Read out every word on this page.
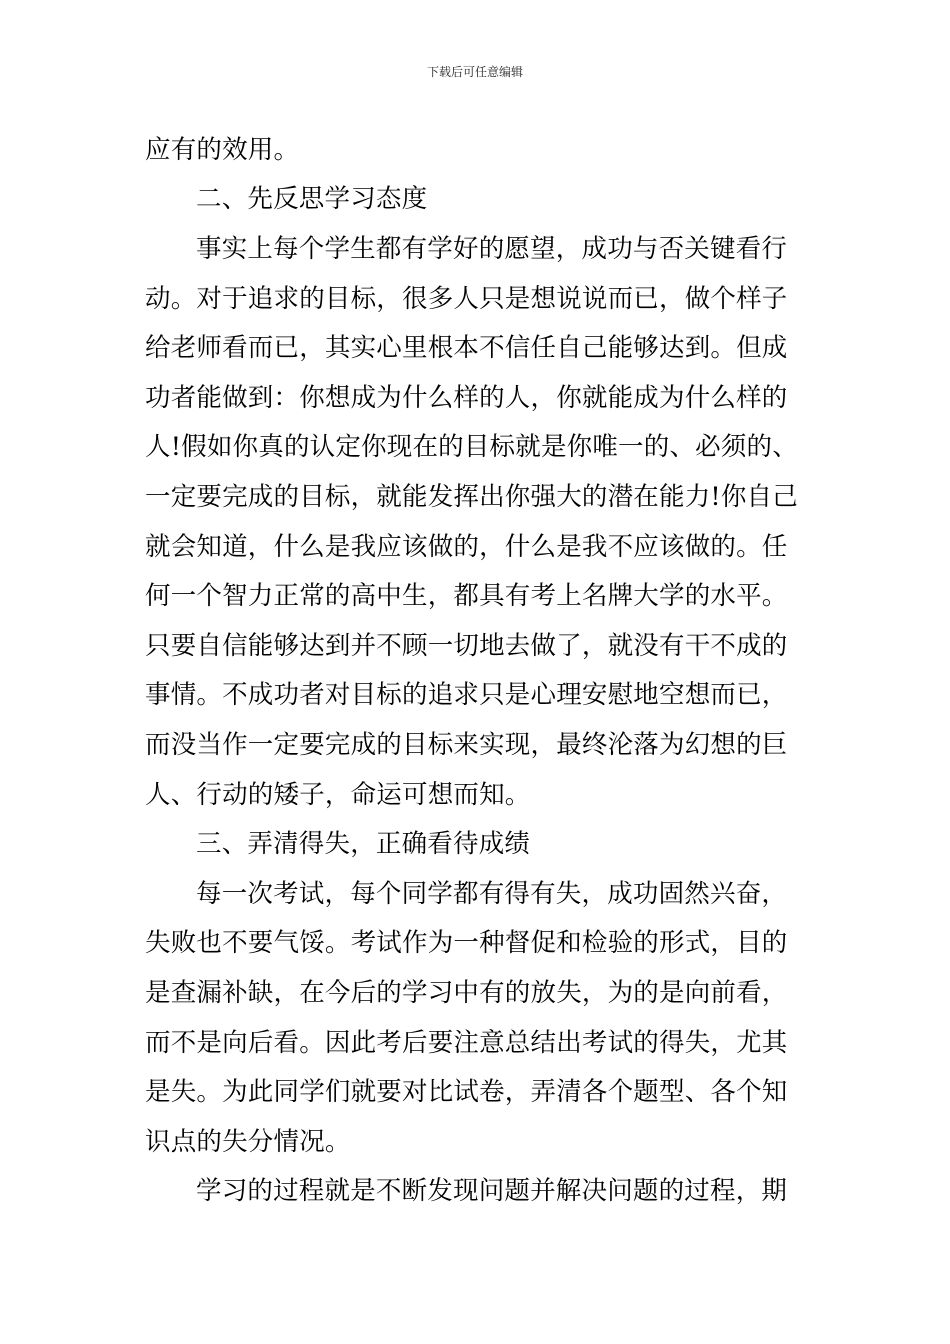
下载后可任意编辑
应有的效用。
二、先反思学习态度
事实上每个学生都有学好的愿望，成功与否关键看行
动。对于追求的目标，很多人只是想说说而已，做个样子
给老师看而已，其实心里根本不信任自己能够达到。但成
功者能做到：你想成为什么样的人，你就能成为什么样的
人!假如你真的认定你现在的目标就是你唯一的、必须的、
一定要完成的目标，就能发挥出你强大的潜在能力!你自己
就会知道，什么是我应该做的，什么是我不应该做的。任
何一个智力正常的高中生，都具有考上名牌大学的水平。
只要自信能够达到并不顾一切地去做了，就没有干不成的
事情。不成功者对目标的追求只是心理安慰地空想而已，
而没当作一定要完成的目标来实现，最终沦落为幻想的巨
人、行动的矮子，命运可想而知。
三、弄清得失，正确看待成绩
每一次考试，每个同学都有得有失，成功固然兴奋，
失败也不要气馁。考试作为一种督促和检验的形式，目的
是查漏补缺，在今后的学习中有的放失，为的是向前看，
而不是向后看。因此考后要注意总结出考试的得失，尤其
是失。为此同学们就要对比试卷，弄清各个题型、各个知
识点的失分情况。
学习的过程就是不断发现问题并解决问题的过程，期
